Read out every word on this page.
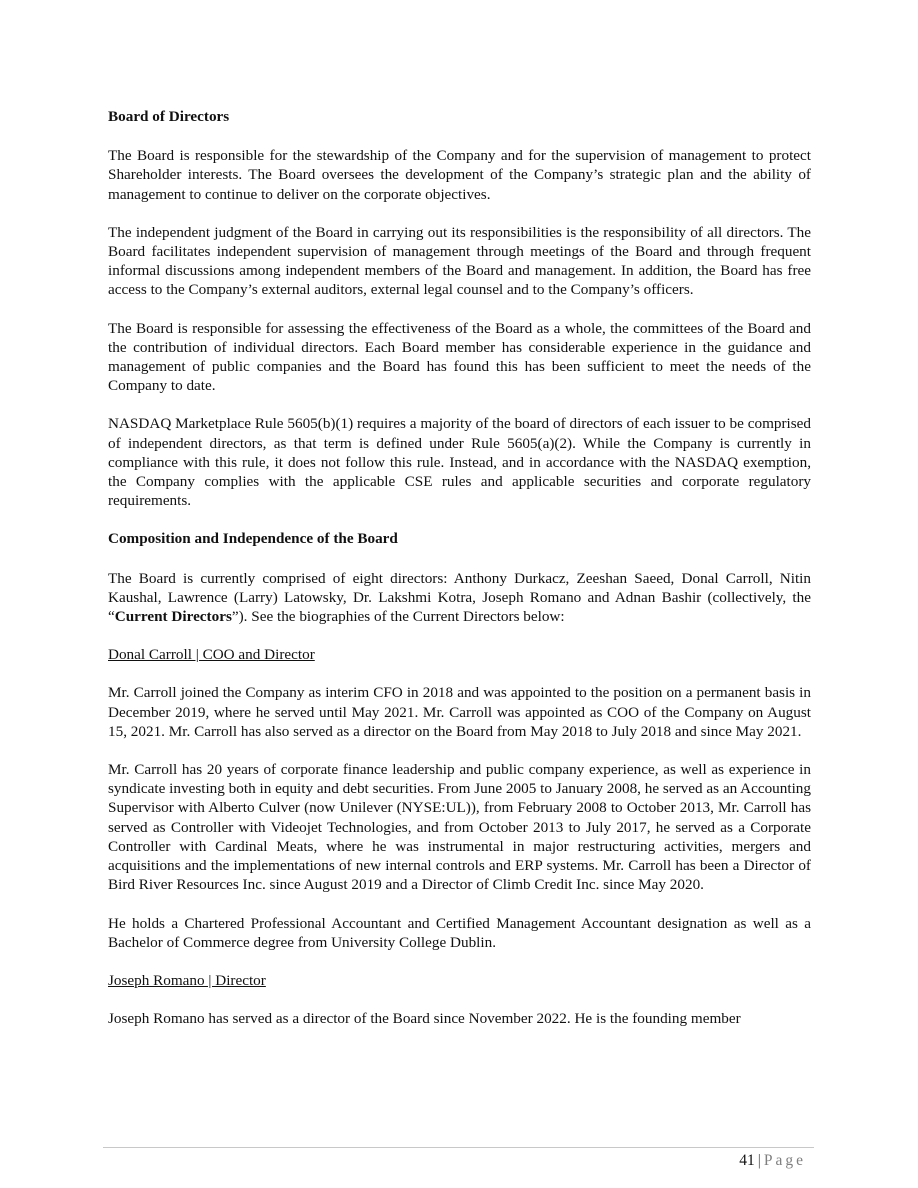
Board of Directors

The Board is responsible for the stewardship of the Company and for the supervision of management to protect Shareholder interests. The Board oversees the development of the Company’s strategic plan and the ability of management to continue to deliver on the corporate objectives.

The independent judgment of the Board in carrying out its responsibilities is the responsibility of all directors. The Board facilitates independent supervision of management through meetings of the Board and through frequent informal discussions among independent members of the Board and management. In addition, the Board has free access to the Company’s external auditors, external legal counsel and to the Company’s officers.

The Board is responsible for assessing the effectiveness of the Board as a whole, the committees of the Board and the contribution of individual directors. Each Board member has considerable experience in the guidance and management of public companies and the Board has found this has been sufficient to meet the needs of the Company to date.

NASDAQ Marketplace Rule 5605(b)(1) requires a majority of the board of directors of each issuer to be comprised of independent directors, as that term is defined under Rule 5605(a)(2). While the Company is currently in compliance with this rule, it does not follow this rule. Instead, and in accordance with the NASDAQ exemption, the Company complies with the applicable CSE rules and applicable securities and corporate regulatory requirements.

Composition and Independence of the Board

The Board is currently comprised of eight directors: Anthony Durkacz, Zeeshan Saeed, Donal Carroll, Nitin Kaushal, Lawrence (Larry) Latowsky, Dr. Lakshmi Kotra, Joseph Romano and Adnan Bashir (collectively, the “Current Directors”). See the biographies of the Current Directors below:

Donal Carroll | COO and Director

Mr. Carroll joined the Company as interim CFO in 2018 and was appointed to the position on a permanent basis in December 2019, where he served until May 2021. Mr. Carroll was appointed as COO of the Company on August 15, 2021. Mr. Carroll has also served as a director on the Board from May 2018 to July 2018 and since May 2021.

Mr. Carroll has 20 years of corporate finance leadership and public company experience, as well as experience in syndicate investing both in equity and debt securities. From June 2005 to January 2008, he served as an Accounting Supervisor with Alberto Culver (now Unilever (NYSE:UL)), from February 2008 to October 2013, Mr. Carroll has served as Controller with Videojet Technologies, and from October 2013 to July 2017, he served as a Corporate Controller with Cardinal Meats, where he was instrumental in major restructuring activities, mergers and acquisitions and the implementations of new internal controls and ERP systems. Mr. Carroll has been a Director of Bird River Resources Inc. since August 2019 and a Director of Climb Credit Inc. since May 2020.

He holds a Chartered Professional Accountant and Certified Management Accountant designation as well as a Bachelor of Commerce degree from University College Dublin.

Joseph Romano | Director

Joseph Romano has served as a director of the Board since November 2022. He is the founding member

41 | Page
